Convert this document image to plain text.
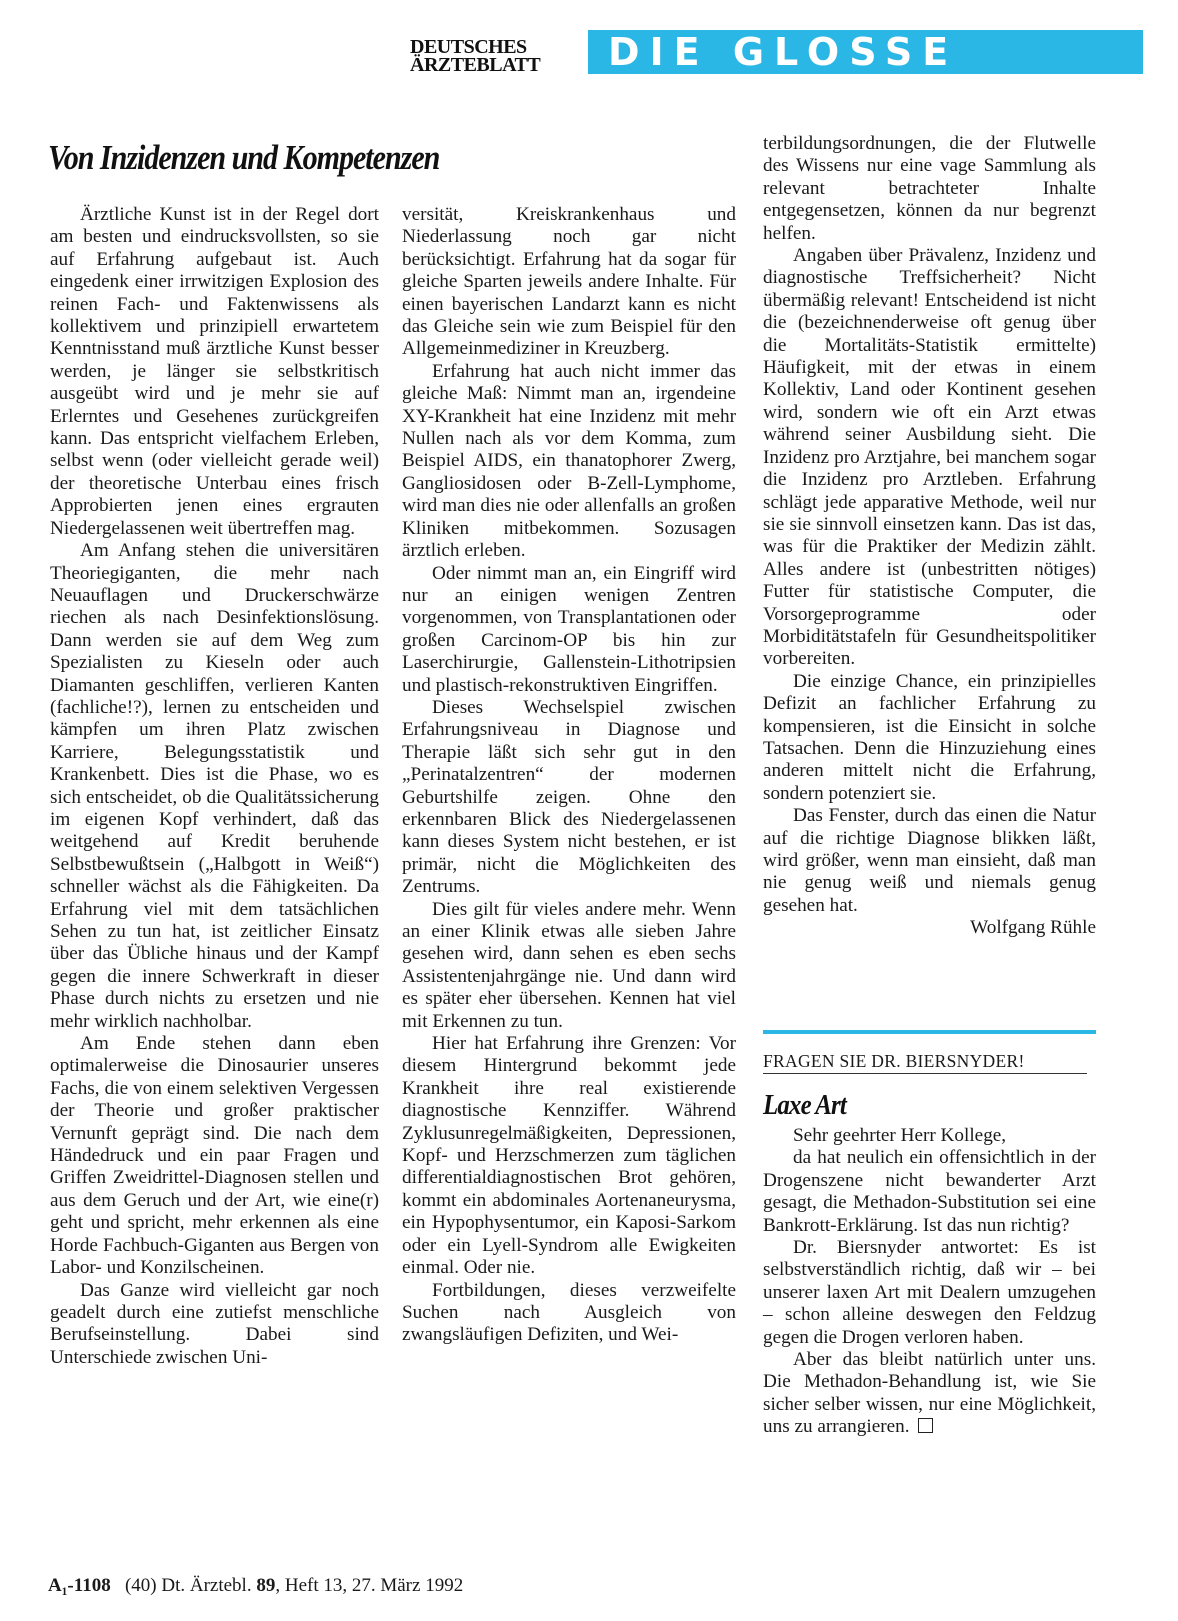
DEUTSCHES
ÄRZTEBLATT	DIE GLOSSE
Von Inzidenzen und Kompetenzen

Ärztliche Kunst ist in der Regel dort am besten und eindrucksvollsten, so sie auf Erfahrung aufgebaut ist. Auch eingedenk einer irrwitzigen Explosion des reinen Fach- und Faktenwissens als kollektivem und prinzipiell erwartetem Kenntnisstand muß ärztliche Kunst besser werden, je länger sie selbstkritisch ausgeübt wird und je mehr sie auf Erlerntes und Gesehenes zurückgreifen kann. Das entspricht vielfachem Erleben, selbst wenn (oder vielleicht gerade weil) der theoretische Unterbau eines frisch Approbierten jenen eines ergrauten Niedergelassenen weit übertreffen mag.

Am Anfang stehen die universitären Theoriegiganten, die mehr nach Neuauflagen und Druckerschwärze riechen als nach Desinfektionslösung. Dann werden sie auf dem Weg zum Spezialisten zu Kieseln oder auch Diamanten geschliffen, verlieren Kanten (fachliche!?), lernen zu entscheiden und kämpfen um ihren Platz zwischen Karriere, Belegungsstatistik und Krankenbett. Dies ist die Phase, wo es sich entscheidet, ob die Qualitätssicherung im eigenen Kopf verhindert, daß das weitgehend auf Kredit beruhende Selbstbewußtsein („Halbgott in Weiß“) schneller wächst als die Fähigkeiten. Da Erfahrung viel mit dem tatsächlichen Sehen zu tun hat, ist zeitlicher Einsatz über das Übliche hinaus und der Kampf gegen die innere Schwerkraft in dieser Phase durch nichts zu ersetzen und nie mehr wirklich nachholbar.

Am Ende stehen dann eben optimalerweise die Dinosaurier unseres Fachs, die von einem selektiven Vergessen der Theorie und großer praktischer Vernunft geprägt sind. Die nach dem Händedruck und ein paar Fragen und Griffen Zweidrittel-Diagnosen stellen und aus dem Geruch und der Art, wie eine(r) geht und spricht, mehr erkennen als eine Horde Fachbuch-Giganten aus Bergen von Labor- und Konzilscheinen.

Das Ganze wird vielleicht gar noch geadelt durch eine zutiefst menschliche Berufseinstellung. Dabei sind Unterschiede zwischen Uni-

versität, Kreiskrankenhaus und Niederlassung noch gar nicht berücksichtigt. Erfahrung hat da sogar für gleiche Sparten jeweils andere Inhalte. Für einen bayerischen Landarzt kann es nicht das Gleiche sein wie zum Beispiel für den Allgemeinmediziner in Kreuzberg.

Erfahrung hat auch nicht immer das gleiche Maß: Nimmt man an, irgendeine XY-Krankheit hat eine Inzidenz mit mehr Nullen nach als vor dem Komma, zum Beispiel AIDS, ein thanatophorer Zwerg, Gangliosidosen oder B-Zell-Lymphome, wird man dies nie oder allenfalls an großen Kliniken mitbekommen. Sozusagen ärztlich erleben.

Oder nimmt man an, ein Eingriff wird nur an einigen wenigen Zentren vorgenommen, von Transplantationen oder großen Carcinom-OP bis hin zur Laserchirurgie, Gallenstein-Lithotripsien und plastisch-rekonstruktiven Eingriffen.

Dieses Wechselspiel zwischen Erfahrungsniveau in Diagnose und Therapie läßt sich sehr gut in den „Perinatalzentren“ der modernen Geburtshilfe zeigen. Ohne den erkennbaren Blick des Niedergelassenen kann dieses System nicht bestehen, er ist primär, nicht die Möglichkeiten des Zentrums.

Dies gilt für vieles andere mehr. Wenn an einer Klinik etwas alle sieben Jahre gesehen wird, dann sehen es eben sechs Assistentenjahrgänge nie. Und dann wird es später eher übersehen. Kennen hat viel mit Erkennen zu tun.

Hier hat Erfahrung ihre Grenzen: Vor diesem Hintergrund bekommt jede Krankheit ihre real existierende diagnostische Kennziffer. Während Zyklusunregelmäßigkeiten, Depressionen, Kopf- und Herzschmerzen zum täglichen differentialdiagnostischen Brot gehören, kommt ein abdominales Aortenaneurysma, ein Hypophysentumor, ein Kaposi-Sarkom oder ein Lyell-Syndrom alle Ewigkeiten einmal. Oder nie.

Fortbildungen, dieses verzweifelte Suchen nach Ausgleich von zwangsläufigen Defiziten, und Wei-

terbildungsordnungen, die der Flutwelle des Wissens nur eine vage Sammlung als relevant betrachteter Inhalte entgegensetzen, können da nur begrenzt helfen.

Angaben über Prävalenz, Inzidenz und diagnostische Treffsicherheit? Nicht übermäßig relevant! Entscheidend ist nicht die (bezeichnenderweise oft genug über die Mortalitäts-Statistik ermittelte) Häufigkeit, mit der etwas in einem Kollektiv, Land oder Kontinent gesehen wird, sondern wie oft ein Arzt etwas während seiner Ausbildung sieht. Die Inzidenz pro Arztjahre, bei manchem sogar die Inzidenz pro Arztleben. Erfahrung schlägt jede apparative Methode, weil nur sie sie sinnvoll einsetzen kann. Das ist das, was für die Praktiker der Medizin zählt. Alles andere ist (unbestritten nötiges) Futter für statistische Computer, die Vorsorgeprogramme oder Morbiditätstafeln für Gesundheitspolitiker vorbereiten.

Die einzige Chance, ein prinzipielles Defizit an fachlicher Erfahrung zu kompensieren, ist die Einsicht in solche Tatsachen. Denn die Hinzuziehung eines anderen mittelt nicht die Erfahrung, sondern potenziert sie.

Das Fenster, durch das einen die Natur auf die richtige Diagnose blikken läßt, wird größer, wenn man einsieht, daß man nie genug weiß und niemals genug gesehen hat.

Wolfgang Rühle

FRAGEN SIE DR. BIERSNYDER!
Laxe Art

Sehr geehrter Herr Kollege,

da hat neulich ein offensichtlich in der Drogenszene nicht bewanderter Arzt gesagt, die Methadon-Substitution sei eine Bankrott-Erklärung. Ist das nun richtig?

Dr. Biersnyder antwortet: Es ist selbstverständlich richtig, daß wir – bei unserer laxen Art mit Dealern umzugehen – schon alleine deswegen den Feldzug gegen die Drogen verloren haben.

Aber das bleibt natürlich unter uns. Die Methadon-Behandlung ist, wie Sie sicher selber wissen, nur eine Möglichkeit, uns zu arrangieren.

A₁-1108 (40) Dt. Ärztebl. 89, Heft 13, 27. März 1992
